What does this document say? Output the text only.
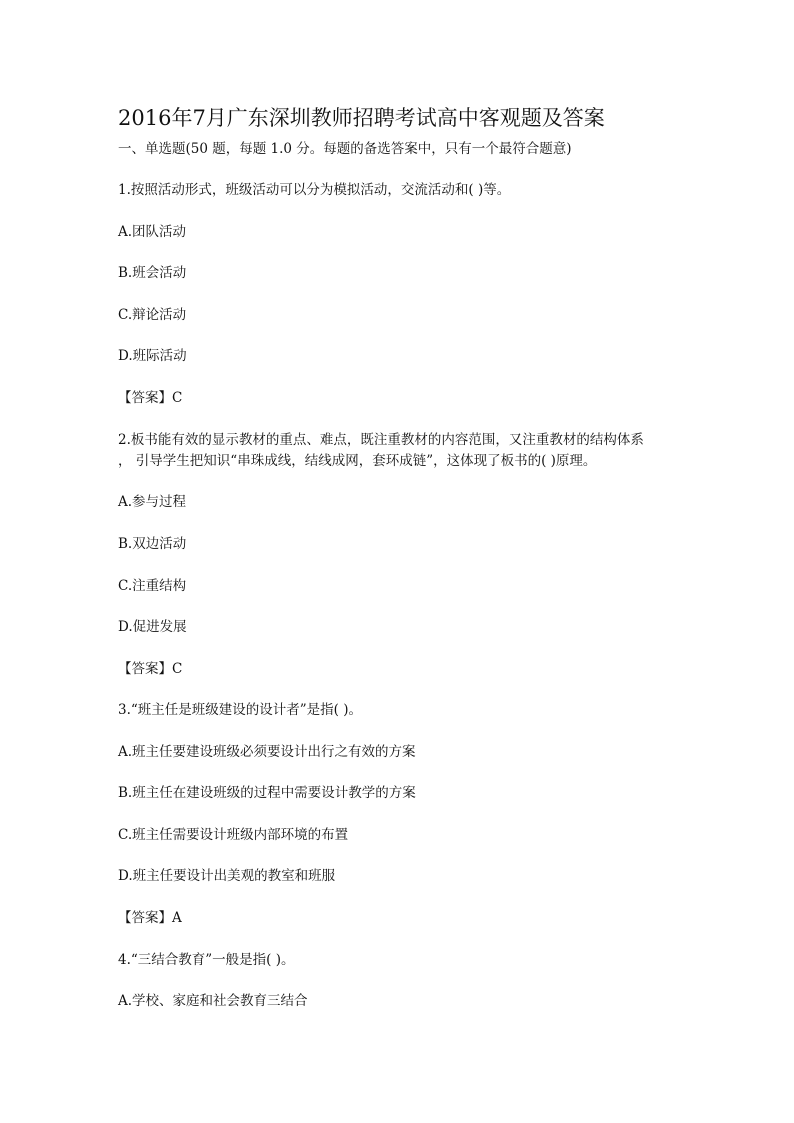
2016年7月广东深圳教师招聘考试高中客观题及答案
一、单选题(50 题，每题 1.0 分。每题的备选答案中，只有一个最符合题意)
1.按照活动形式，班级活动可以分为模拟活动，交流活动和( )等。
A.团队活动
B.班会活动
C.辩论活动
D.班际活动
【答案】C
2.板书能有效的显示教材的重点、难点，既注重教材的内容范围，又注重教材的结构体系
， 引导学生把知识“串珠成线，结线成网，套环成链”，这体现了板书的( )原理。
A.参与过程
B.双边活动
C.注重结构
D.促进发展
【答案】C
3.“班主任是班级建设的设计者”是指( )。
A.班主任要建设班级必须要设计出行之有效的方案
B.班主任在建设班级的过程中需要设计教学的方案
C.班主任需要设计班级内部环境的布置
D.班主任要设计出美观的教室和班服
【答案】A
4.“三结合教育”一般是指( )。
A.学校、家庭和社会教育三结合
